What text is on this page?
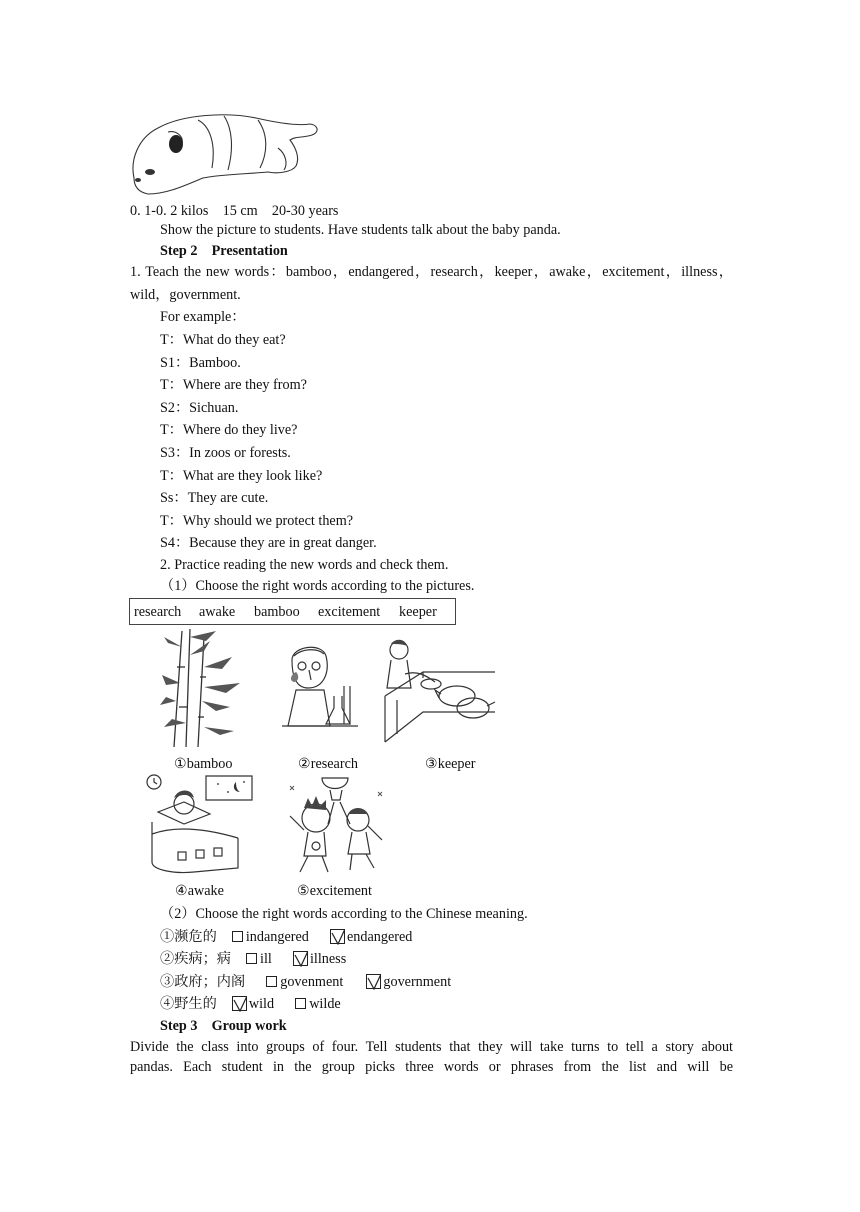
0. 1-0. 2 kilos    15 cm    20-30 years
Show the picture to students. Have students talk about the baby panda.
Step 2    Presentation
1. Teach the new words：bamboo，endangered，research，keeper，awake，excitement，illness，
wild，government.
For example：
T：What do they eat?
S1：Bamboo.
T：Where are they from?
S2：Sichuan.
T：Where do they live?
S3：In zoos or forests.
T：What are they look like?
Ss：They are cute.
T：Why should we protect them?
S4：Because they are in great danger.
2. Practice reading the new words and check them.
（1）Choose the right words according to the pictures.
research awake bamboo excitement keeper
①bamboo	②research	③keeper
④awake	⑤excitement
（2）Choose the right words according to the Chinese meaning.
①濒危的 indangered	endangered
②疾病；病 ill	illness
③政府；内阁 govenment	government
④野生的 wild wilde
Step 3    Group work
Divide the class into groups of four. Tell students that they will take turns to tell a story about
pandas. Each student in the group picks three words or phrases from the list and will be
